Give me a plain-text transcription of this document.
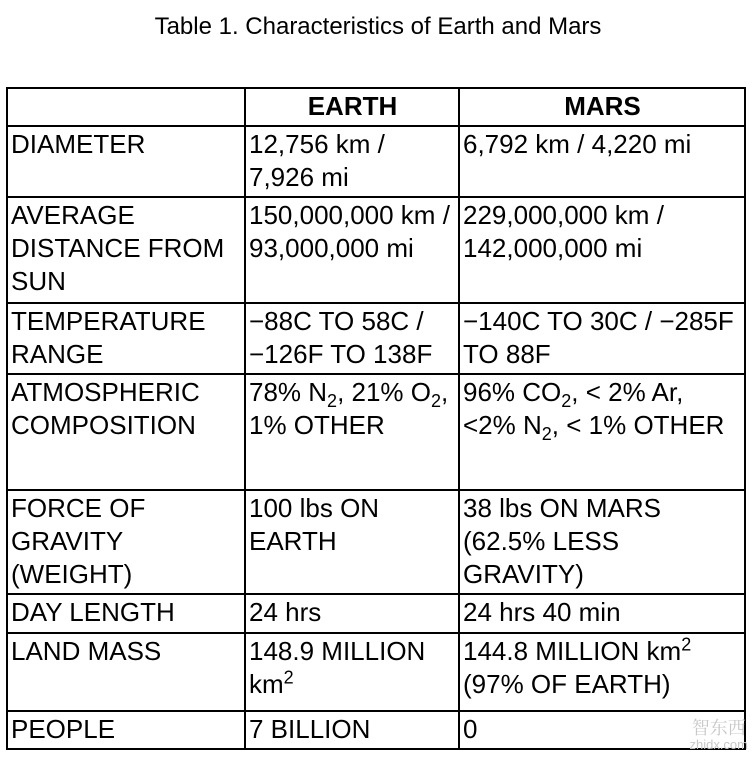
Table 1. Characteristics of Earth and Mars
	EARTH	MARS
DIAMETER	12,756 km / 7,926 mi	6,792 km / 4,220 mi
AVERAGE DISTANCE FROM SUN	150,000,000 km / 93,000,000 mi	229,000,000 km / 142,000,000 mi
TEMPERATURE RANGE	−88C TO 58C / −126F TO 138F	−140C TO 30C / −285F TO 88F
ATMOSPHERIC COMPOSITION	78% $N_2$, 21% $O_2$, 1% OTHER	96% $CO_2$, < 2% Ar, <2% $N_2$, < 1% OTHER
FORCE OF GRAVITY (WEIGHT)	100 lbs ON EARTH	38 lbs ON MARS (62.5% LESS GRAVITY)
DAY LENGTH	24 hrs	24 hrs 40 min
LAND MASS	148.9 MILLION $km^2$	144.8 MILLION $km^2$ (97% OF EARTH)
PEOPLE	7 BILLION	0	智东西
zhidx.com
